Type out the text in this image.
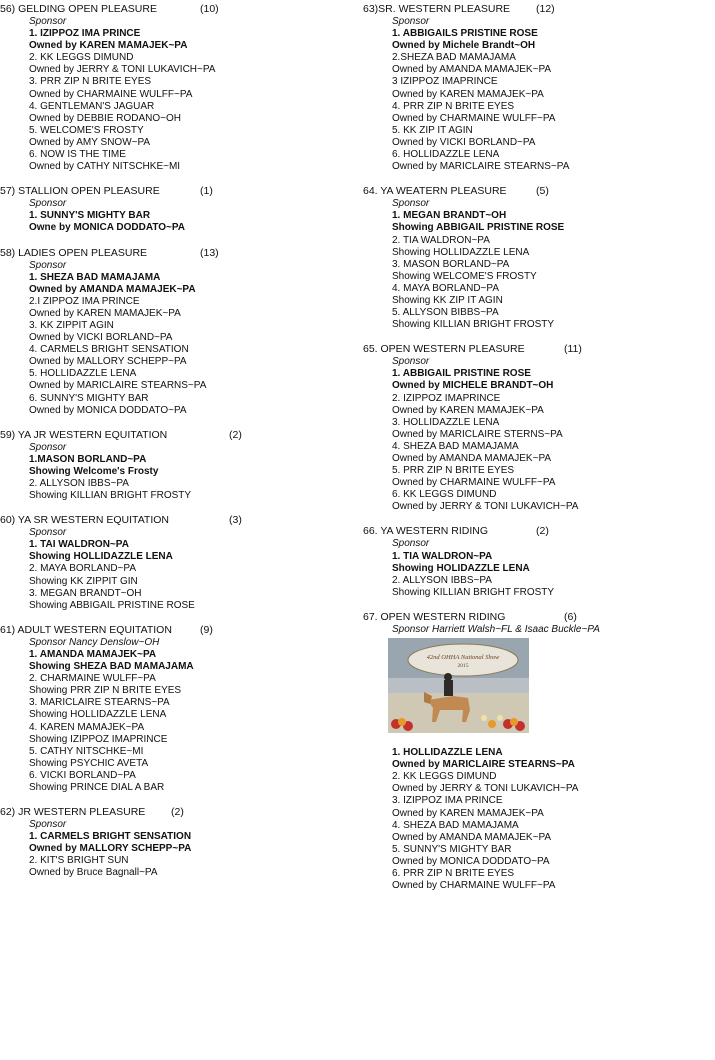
56) GELDING OPEN PLEASURE	(10)
Sponsor
1. IZIPPOZ IMA PRINCE
Owned by KAREN MAMAJEK~PA
2. KK LEGGS DIMUND
Owned by JERRY & TONI LUKAVICH~PA
3. PRR ZIP N BRITE EYES
Owned by CHARMAINE WULFF~PA
4. GENTLEMAN'S JAGUAR
Owned by DEBBIE RODANO~OH
5. WELCOME'S FROSTY
Owned by AMY SNOW~PA
6. NOW IS THE TIME
Owned by CATHY NITSCHKE~MI
57) STALLION OPEN PLEASURE	(1)
Sponsor
1. SUNNY'S MIGHTY BAR
Owne by MONICA DODDATO~PA
58) LADIES OPEN PLEASURE	(13)
Sponsor
1. SHEZA BAD MAMAJAMA
Owned by AMANDA MAMAJEK~PA
2.I ZIPPOZ IMA PRINCE
Owned by KAREN MAMAJEK~PA
3. KK ZIPPIT AGIN
Owned by VICKI BORLAND~PA
4. CARMELS BRIGHT SENSATION
Owned by MALLORY SCHEPP~PA
5. HOLLIDAZZLE LENA
Owned by MARICLAIRE STEARNS~PA
6. SUNNY'S MIGHTY BAR
Owned by MONICA DODDATO~PA
59) YA JR WESTERN EQUITATION	(2)
Sponsor
1.MASON BORLAND~PA
Showing Welcome's Frosty
2. ALLYSON IBBS~PA
Showing KILLIAN BRIGHT FROSTY
60) YA SR WESTERN EQUITATION	(3)
Sponsor
1. TAI WALDRON~PA
Showing HOLLIDAZZLE LENA
2. MAYA BORLAND~PA
Showing KK ZIPPIT GIN
3. MEGAN BRANDT~OH
Showing ABBIGAIL PRISTINE ROSE
61) ADULT WESTERN EQUITATION	(9)
Sponsor Nancy Denslow~OH
1. AMANDA MAMAJEK~PA
Showing SHEZA BAD MAMAJAMA
2. CHARMAINE WULFF~PA
Showing PRR ZIP N BRITE EYES
3. MARICLAIRE STEARNS~PA
Showing HOLLIDAZZLE LENA
4. KAREN MAMAJEK~PA
Showing IZIPPOZ IMAPRINCE
5. CATHY NITSCHKE~MI
Showing PSYCHIC AVETA
6. VICKI BORLAND~PA
Showing PRINCE DIAL A BAR
62) JR WESTERN PLEASURE (2)
Sponsor
1. CARMELS BRIGHT SENSATION
Owned by MALLORY SCHEPP~PA
2. KIT'S BRIGHT SUN
Owned by Bruce Bagnall~PA
63)SR. WESTERN PLEASURE (12)
Sponsor
1. ABBIGAILS PRISTINE ROSE
Owned by Michele Brandt~OH
2.SHEZA BAD MAMAJAMA
Owned by AMANDA MAMAJEK~PA
3 IZIPPOZ IMAPRINCE
Owned by KAREN MAMAJEK~PA
4. PRR ZIP N BRITE EYES
Owned by CHARMAINE WULFF~PA
5. KK ZIP IT AGIN
Owned by VICKI BORLAND~PA
6. HOLLIDAZZLE LENA
Owned by MARICLAIRE STEARNS~PA
64. YA WEATERN PLEASURE	(5)
Sponsor
1. MEGAN BRANDT~OH
Showing ABBIGAIL PRISTINE ROSE
2. TIA WALDRON~PA
Showing HOLLIDAZZLE LENA
3. MASON BORLAND~PA
Showing WELCOME'S FROSTY
4. MAYA BORLAND~PA
Showing KK ZIP IT AGIN
5. ALLYSON BIBBS~PA
Showing KILLIAN BRIGHT FROSTY
65. OPEN WESTERN PLEASURE	(11)
Sponsor
1. ABBIGAIL PRISTINE ROSE
Owned by MICHELE BRANDT~OH
2. IZIPPOZ IMAPRINCE
Owned by KAREN MAMAJEK~PA
3. HOLLIDAZZLE LENA
Owned by MARICLAIRE STERNS~PA
4. SHEZA BAD MAMAJAMA
Owned by AMANDA MAMAJEK~PA
5. PRR ZIP N BRITE EYES
Owned by CHARMAINE WULFF~PA
6. KK LEGGS DIMUND
Owned by JERRY & TONI LUKAVICH~PA
66. YA WESTERN RIDING	(2)
Sponsor
1. TIA WALDRON~PA
Showing HOLIDAZZLE LENA
2. ALLYSON IBBS~PA
Showing KILLIAN BRIGHT FROSTY
67. OPEN WESTERN RIDING	(6)
Sponsor Harriett Walsh~FL & Isaac Buckle~PA
42nd OHHA National Show
2015
1. HOLLIDAZZLE LENA
Owned by MARICLAIRE STEARNS~PA
2. KK LEGGS DIMUND
Owned by JERRY & TONI LUKAVICH~PA
3. IZIPPOZ IMA PRINCE
Owned by KAREN MAMAJEK~PA
4. SHEZA BAD MAMAJAMA
Owned by AMANDA MAMAJEK~PA
5. SUNNY'S MIGHTY BAR
Owned by MONICA DODDATO~PA
6. PRR ZIP N BRITE EYES
Owned by CHARMAINE WULFF~PA
